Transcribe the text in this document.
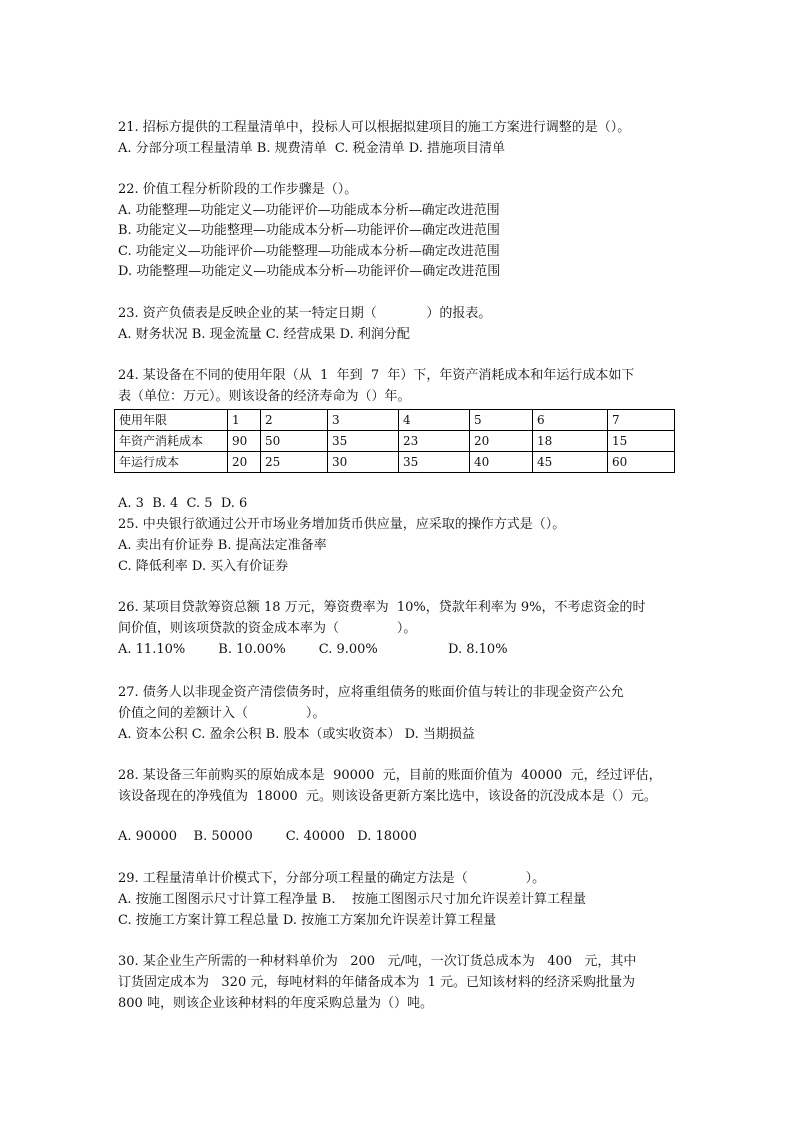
21. 招标方提供的工程量清单中，投标人可以根据拟建项目的施工方案进行调整的是（）。
A. 分部分项工程量清单 B. 规费清单  C. 税金清单 D. 措施项目清单
22. 价值工程分析阶段的工作步骤是（）。
A. 功能整理—功能定义—功能评价—功能成本分析—确定改进范围
B. 功能定义—功能整理—功能成本分析—功能评价—确定改进范围
C. 功能定义—功能评价—功能整理—功能成本分析—确定改进范围
D. 功能整理—功能定义—功能成本分析—功能评价—确定改进范围
23. 资产负债表是反映企业的某一特定日期（            ）的报表。
A. 财务状况 B. 现金流量 C. 经营成果 D. 利润分配
24. 某设备在不同的使用年限（从  1  年到  7  年）下，年资产消耗成本和年运行成本如下
表（单位：万元）。则该设备的经济寿命为（）年。
使用年限	1	2	3	4	5	6	7
年资产消耗成本	90	50	35	23	20	18	15
年运行成本	20	25	30	35	40	45	60
A. 3  B. 4  C. 5  D. 6
25. 中央银行欲通过公开市场业务增加货币供应量，应采取的操作方式是（）。
A. 卖出有价证券 B. 提高法定准备率
C. 降低利率 D. 买入有价证券
26. 某项目贷款筹资总额 18 万元，筹资费率为  10%，贷款年利率为 9%，不考虑资金的时
间价值，则该项贷款的资金成本率为（              ）。
A. 11.10%        B. 10.00%        C. 9.00%                 D. 8.10%
27. 债务人以非现金资产清偿债务时，应将重组债务的账面价值与转让的非现金资产公允
价值之间的差额计入（              ）。
A. 资本公积 C. 盈余公积 B. 股本（或实收资本） D. 当期损益
28. 某设备三年前购买的原始成本是  90000  元，目前的账面价值为  40000  元，经过评估，
该设备现在的净残值为  18000  元。则该设备更新方案比选中，该设备的沉没成本是（）元。
A. 90000    B. 50000        C. 40000   D. 18000
29. 工程量清单计价模式下，分部分项工程量的确定方法是（              ）。
A. 按施工图图示尺寸计算工程净量 B.    按施工图图示尺寸加允许误差计算工程量
C. 按施工方案计算工程总量 D. 按施工方案加允许误差计算工程量
30. 某企业生产所需的一种材料单价为   200   元/吨，一次订货总成本为   400   元，其中
订货固定成本为   320 元，每吨材料的年储备成本为  1 元。已知该材料的经济采购批量为
800 吨，则该企业该种材料的年度采购总量为（）吨。
